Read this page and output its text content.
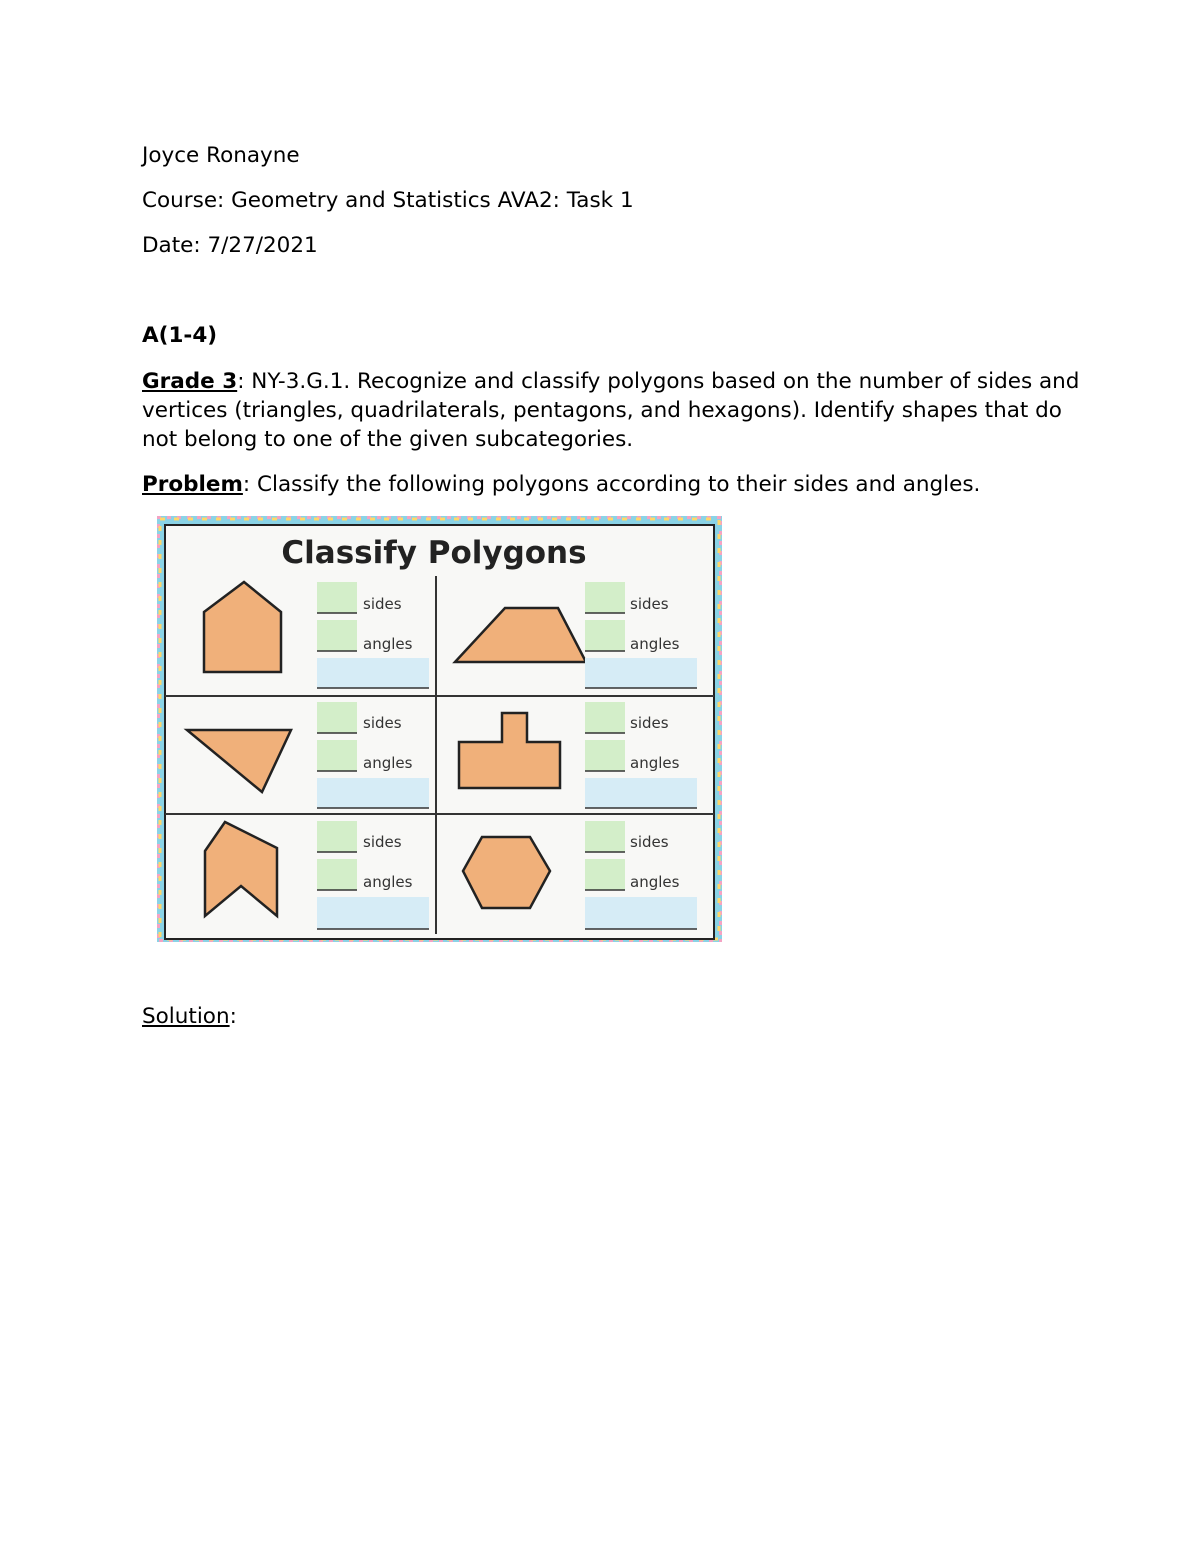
Joyce Ronayne
Course: Geometry and Statistics AVA2: Task 1
Date: 7/27/2021
A(1-4)
Grade 3: NY-3.G.1. Recognize and classify polygons based on the number of sides and vertices (triangles, quadrilaterals, pentagons, and hexagons). Identify shapes that do not belong to one of the given subcategories.
Problem: Classify the following polygons according to their sides and angles.
Classify Polygons
sides
angles
sides
angles
sides
angles
sides
angles
sides
angles
sides
angles
Solution:
